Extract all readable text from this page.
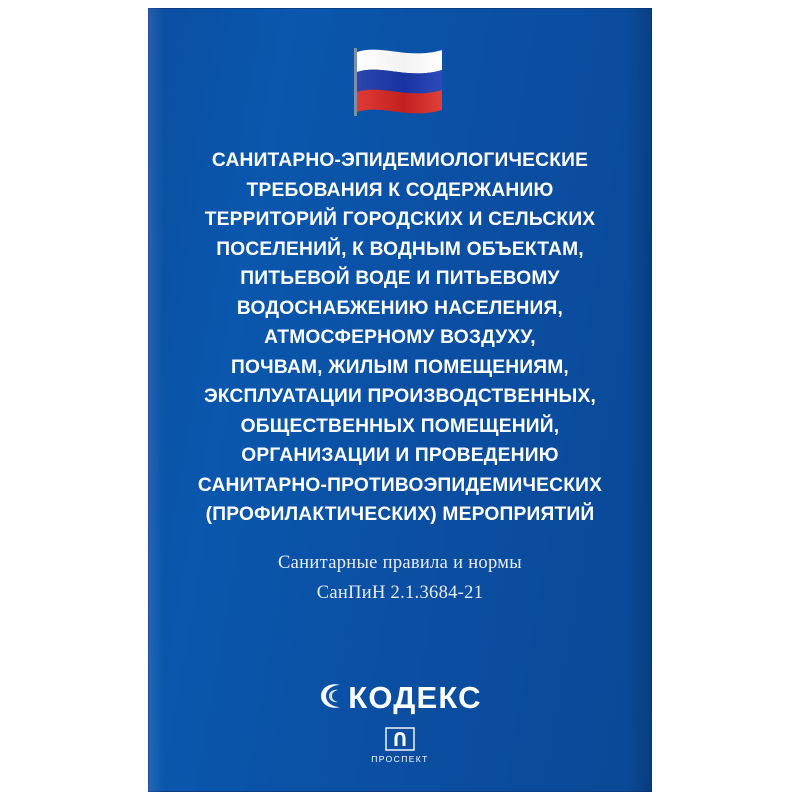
САНИТАРНО-ЭПИДЕМИОЛОГИЧЕСКИЕ
ТРЕБОВАНИЯ К СОДЕРЖАНИЮ
ТЕРРИТОРИЙ ГОРОДСКИХ И СЕЛЬСКИХ
ПОСЕЛЕНИЙ, К ВОДНЫМ ОБЪЕКТАМ,
ПИТЬЕВОЙ ВОДЕ И ПИТЬЕВОМУ
ВОДОСНАБЖЕНИЮ НАСЕЛЕНИЯ,
АТМОСФЕРНОМУ ВОЗДУХУ,
ПОЧВАМ, ЖИЛЫМ ПОМЕЩЕНИЯМ,
ЭКСПЛУАТАЦИИ ПРОИЗВОДСТВЕННЫХ,
ОБЩЕСТВЕННЫХ ПОМЕЩЕНИЙ,
ОРГАНИЗАЦИИ И ПРОВЕДЕНИЮ
САНИТАРНО-ПРОТИВОЭПИДЕМИЧЕСКИХ
(ПРОФИЛАКТИЧЕСКИХ) МЕРОПРИЯТИЙ
Санитарные правила и нормы
СанПиН 2.1.3684-21
КОДЕКС
ПРОСПЕКТ
